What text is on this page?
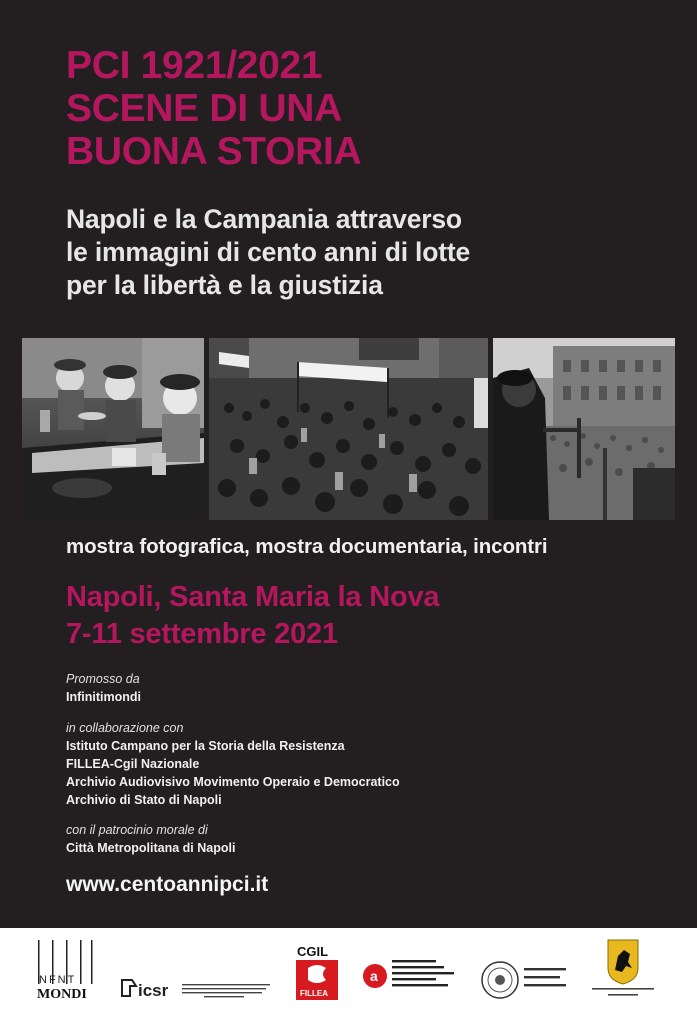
PCI 1921/2021
SCENE DI UNA
BUONA STORIA
Napoli e la Campania attraverso
le immagini di cento anni di lotte
per la libertà e la giustizia
mostra fotografica, mostra documentaria, incontri
Napoli, Santa Maria la Nova
7-11 settembre 2021
Promosso da
Infinitimondi
in collaborazione con
Istituto Campano per la Storia della Resistenza
FILLEA-Cgil Nazionale
Archivio Audiovisivo Movimento Operaio e Democratico
Archivio di Stato di Napoli
con il patrocinio morale di
Città Metropolitana di Napoli
www.centoannipci.it
NFNT
MONDI	icsr
CGIL
FILLEA
a
